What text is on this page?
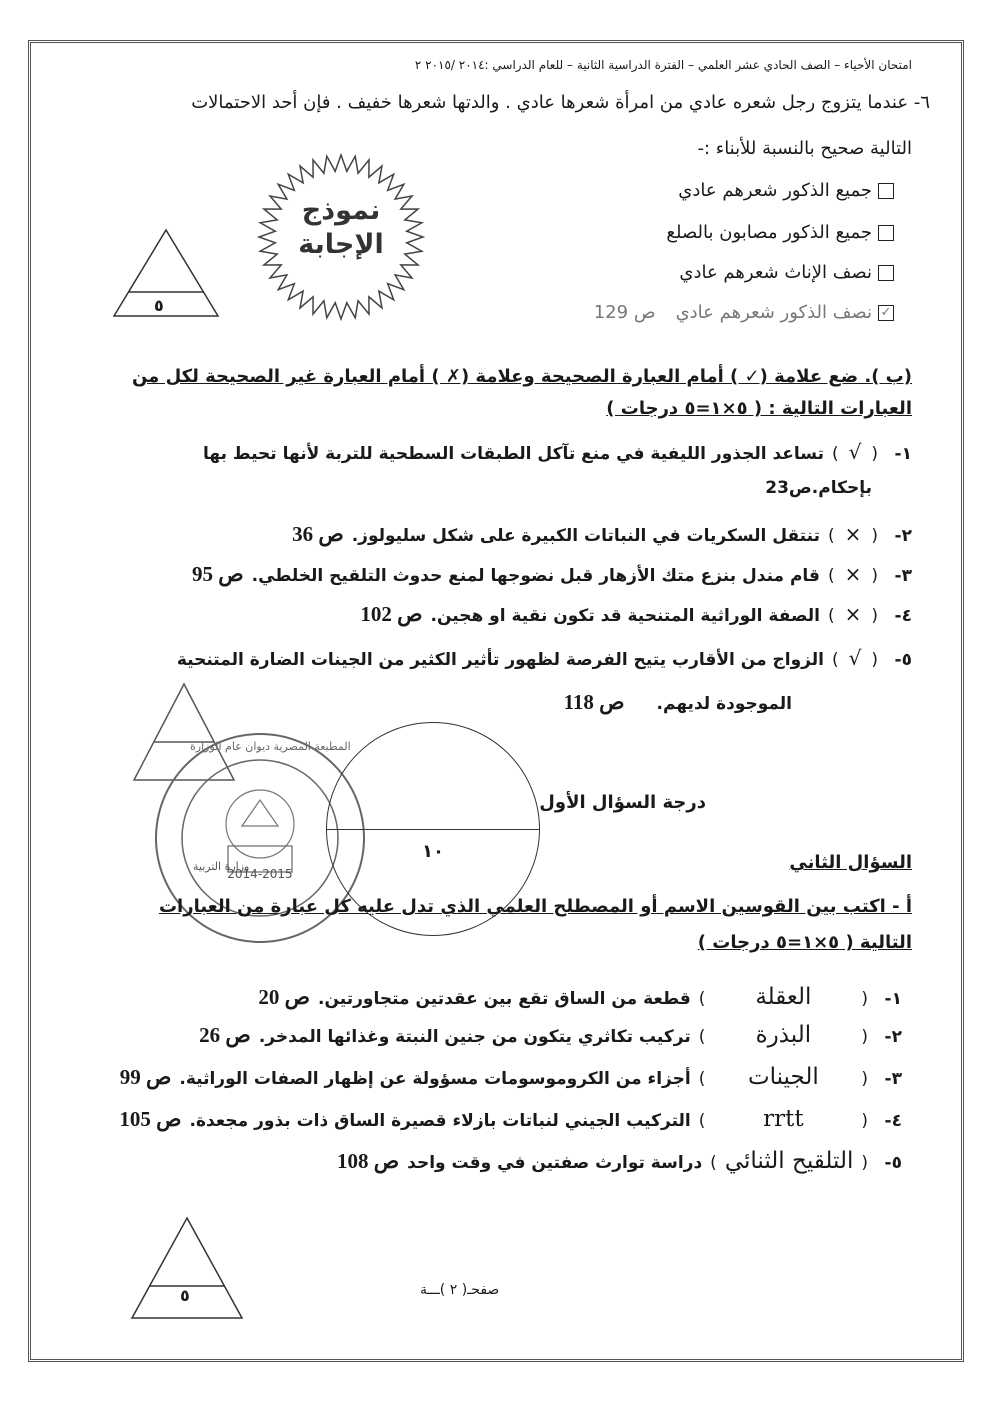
امتحان الأحياء – الصف الحادي عشر العلمي – الفترة الدراسية الثانية – للعام الدراسي :٢٠١٤ /٢٠١٥ ٢
٦- عندما يتزوج رجل شعره عادي من امرأة شعرها عادي . والدتها شعرها خفيف . فإن أحد الاحتمالات
التالية صحيح بالنسبة للأبناء :-
جميع الذكور شعرهم عادي
جميع الذكور مصابون بالصلع
نصف الإناث شعرهم عادي
✓
نصف الذكور شعرهم عادي
ص 129
نموذج
الإجابة
٥
(ب ). ضع علامة (✓ ) أمام العبارة الصحيحة وعلامة (✗ ) أمام العبارة غير الصحيحة لكل من
العبارات التالية : ( ٥×١=٥ درجات )
١-
(√)
تساعد الجذور الليفية في منع تآكل الطبقات السطحية للتربة لأنها تحيط بها
بإحكام.ص23
٢-
(×)
تنتقل السكريات في النباتات الكبيرة على شكل سليولوز.
ص 36
٣-
(×)
قام مندل بنزع متك الأزهار قبل نضوجها لمنع حدوث التلقيح الخلطي.
ص 95
٤-
(×)
الصفة الوراثية المتنحية قد تكون نقية او هجين.
ص 102
٥-
(√)
الزواج من الأقارب يتيح الفرصة لظهور تأثير الكثير من الجينات الضارة المتنحية
الموجودة لديهم.
ص 118
2014-2015
وزارة التربية
المطبعة المصرية ديوان عام الوزارة
١٠
درجة السؤال الأول
السؤال الثاني
أ - اكتب بين القوسين الاسم أو المصطلح العلمي الذي تدل عليه كل عبارة من العبارات
التالية ( ٥×١=٥ درجات )
١-
(
العقلة
)
قطعة من الساق تقع بين عقدتين متجاورتين.
ص 20
٢-
(
البذرة
)
تركيب تكاثري يتكون من جنين النبتة وغذائها المدخر.
ص 26
٣-
(
الجينات
)
أجزاء من الكروموسومات مسؤولة عن إظهار الصفات الوراثية.
ص 99
٤-
(
rrtt
)
التركيب الجيني لنباتات بازلاء قصيرة الساق ذات بذور مجعدة.
ص 105
٥-
(
التلقيح الثنائي
)
دراسة توارث صفتين في وقت واحد
ص 108
٥	صفحـ( ٢ )ـــة
